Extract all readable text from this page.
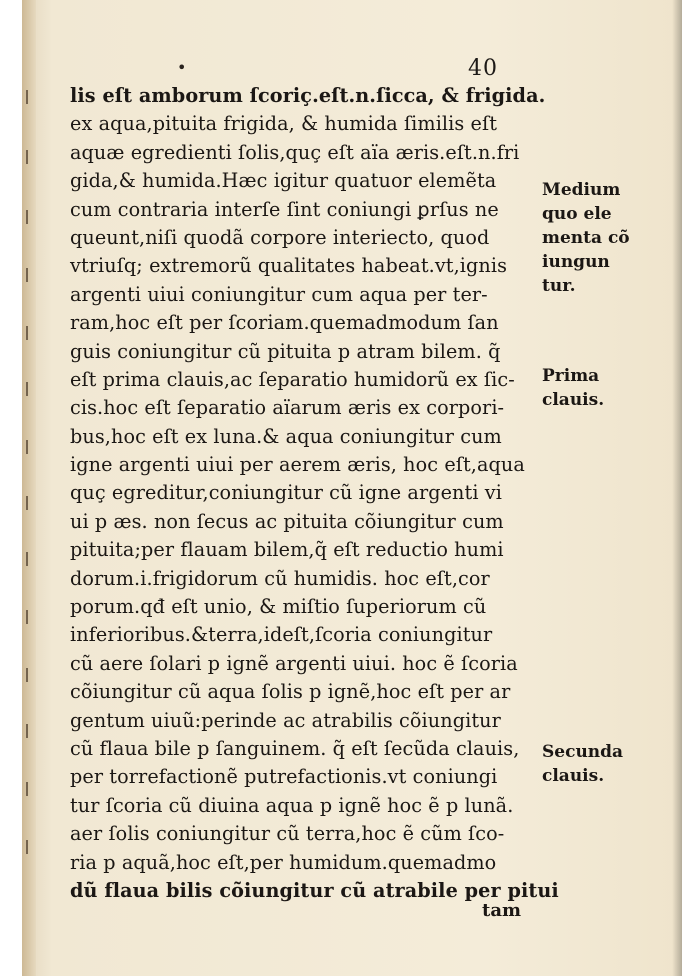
•	40
lis eſt amborum ſcoriç.eſt.n.ſicca, & frigida.
ex aqua,pituita frigida, & humida ſimilis eſt
aquæ egredienti ſolis,quç eſt aïa æris.eſt.n.fri
gida,& humida.Hæc igitur quatuor elemẽta
cum contraria interſe ſint coniungi ꝑrſus ne
queunt,niſi quodã corpore interiecto, quod
vtriuſq; extremorũ qualitates habeat.vt,ignis
argenti uiui coniungitur cum aqua per ter-
ram,hoc eſt per ſcoriam.quemadmodum ſan
guis coniungitur cũ pituita p atram bilem. q̃
eſt prima clauis,ac ſeparatio humidorũ ex ſic-
cis.hoc eſt ſeparatio aïarum æris ex corpori-
bus,hoc eſt ex luna.& aqua coniungitur cum
igne argenti uiui per aerem æris, hoc eſt,aqua
quç egreditur,coniungitur cũ igne argenti vi
ui p æs. non ſecus ac pituita cõiungitur cum
pituita;per flauam bilem,q̃ eſt reductio humi
dorum.i.frigidorum cũ humidis. hoc eſt,cor
porum.qđ eſt unio, & miſtio ſuperiorum cũ
inferioribus.&terra,ideſt,ſcoria coniungitur
cũ aere ſolari p ignẽ argenti uiui. hoc ẽ ſcoria
cõiungitur cũ aqua ſolis p ignẽ,hoc eſt per ar
gentum uiuũ:perinde ac atrabilis cõiungitur
cũ flaua bile p ſanguinem. q̃ eſt ſecũda clauis,
per torrefactionẽ putrefactionis.vt coniungi
tur ſcoria cũ diuina aqua p ignẽ hoc ẽ p lunã.
aer ſolis coniungitur cũ terra,hoc ẽ cũm ſco-
ria p aquã,hoc eſt,per humidum.quemadmo
dũ flaua bilis cõiungitur cũ atrabile per pitui
Medium
quo ele
menta cõ
iungun
tur.
Prima
clauis.
Secunda
clauis.
tam
